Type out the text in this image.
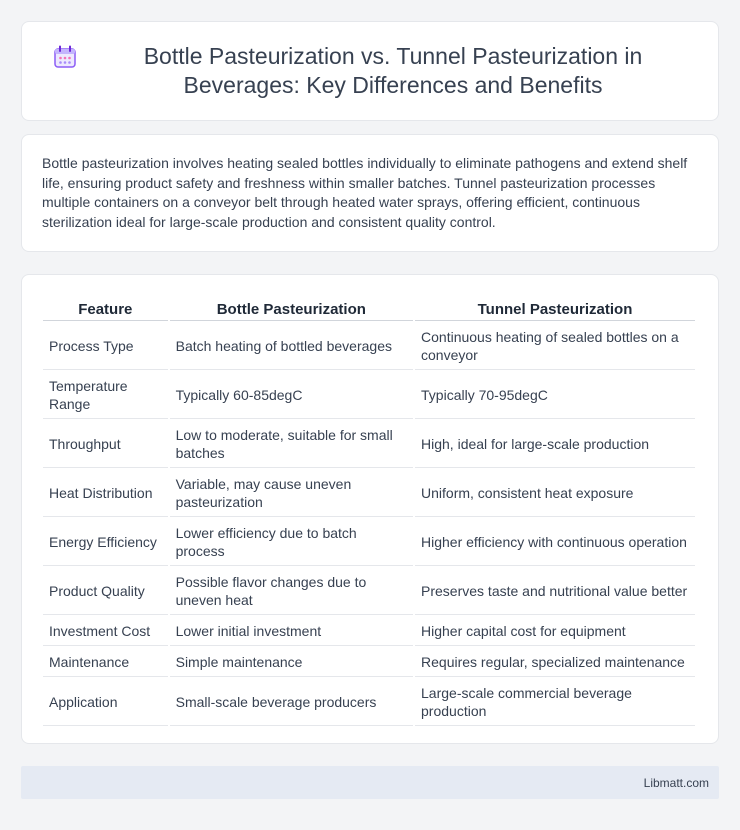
Bottle Pasteurization vs. Tunnel Pasteurization in Beverages: Key Differences and Benefits

Bottle pasteurization involves heating sealed bottles individually to eliminate pathogens and extend shelf life, ensuring product safety and freshness within smaller batches. Tunnel pasteurization processes multiple containers on a conveyor belt through heated water sprays, offering efficient, continuous sterilization ideal for large-scale production and consistent quality control.

Feature	Bottle Pasteurization	Tunnel Pasteurization
Process Type	Batch heating of bottled beverages	Continuous heating of sealed bottles on a conveyor
Temperature Range	Typically 60-85degC	Typically 70-95degC
Throughput	Low to moderate, suitable for small batches	High, ideal for large-scale production
Heat Distribution	Variable, may cause uneven pasteurization	Uniform, consistent heat exposure
Energy Efficiency	Lower efficiency due to batch process	Higher efficiency with continuous operation
Product Quality	Possible flavor changes due to uneven heat	Preserves taste and nutritional value better
Investment Cost	Lower initial investment	Higher capital cost for equipment
Maintenance	Simple maintenance	Requires regular, specialized maintenance
Application	Small-scale beverage producers	Large-scale commercial beverage production
Libmatt.com
